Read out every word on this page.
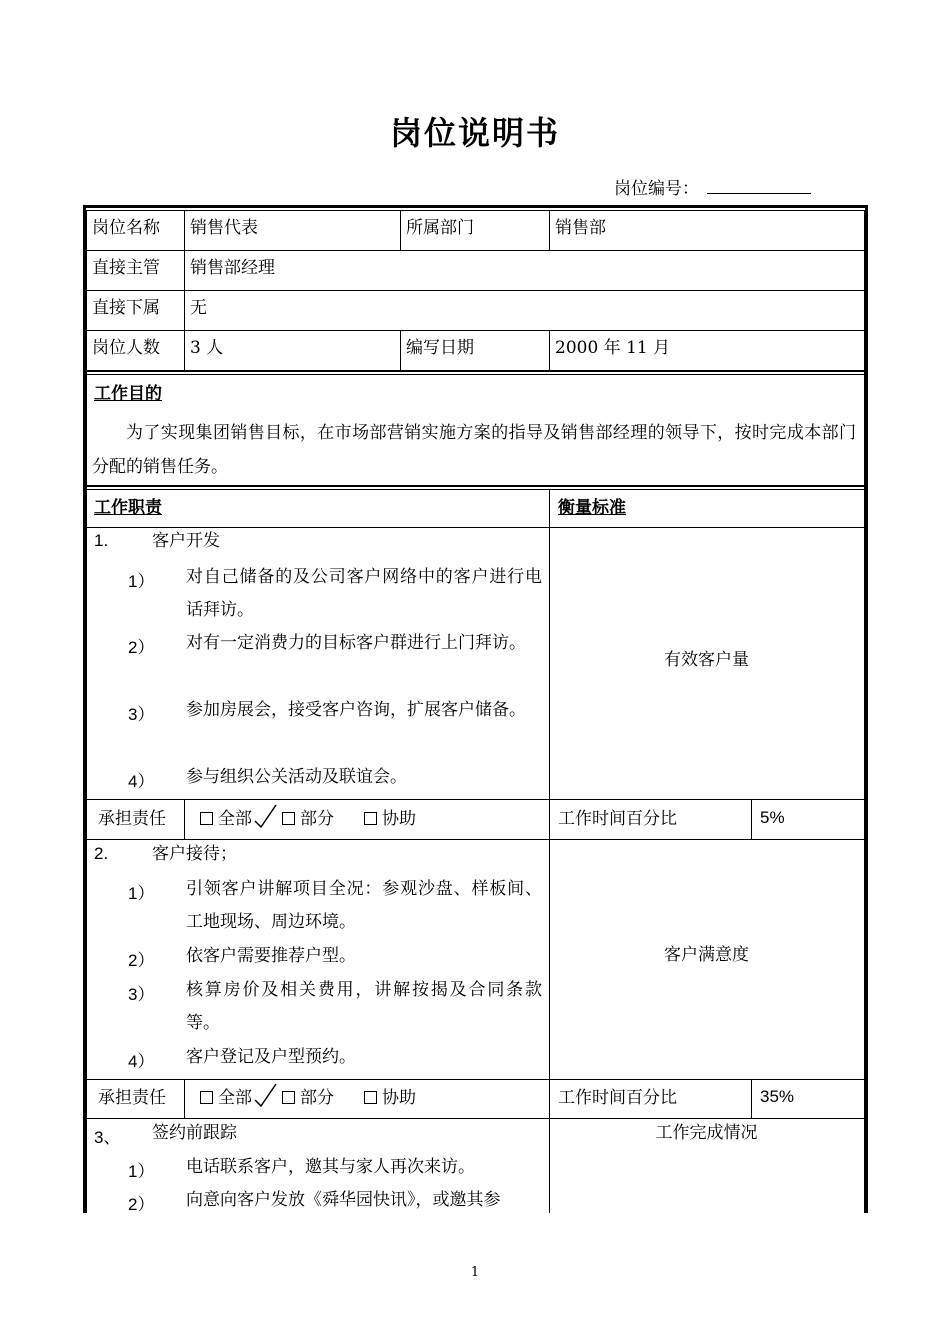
岗位说明书
岗位编号：
岗位名称 销售代表	所属部门	销售部
直接主管 销售部经理
直接下属 无
岗位人数 3 人	编写日期	2000 年 11 月
工作目的
为了实现集团销售目标，在市场部营销实施方案的指导及销售部经理的领导下，按时完成本部门分配的销售任务。
工作职责	衡量标准
1.	客户开发
1） 对自己储备的及公司客户网络中的客户进行电话拜访。
2） 对有一定消费力的目标客户群进行上门拜访。
3） 参加房展会，接受客户咨询，扩展客户储备。
4） 参与组织公关活动及联谊会。
有效客户量
承担责任	全部	部分	协助	工作时间百分比	5%
2.	客户接待；
1） 引领客户讲解项目全况：参观沙盘、样板间、工地现场、周边环境。
2） 依客户需要推荐户型。
3） 核算房价及相关费用，讲解按揭及合同条款等。
4） 客户登记及户型预约。
客户满意度
承担责任	全部	部分	协助	工作时间百分比	35%
3、 签约前跟踪	工作完成情况
1） 电话联系客户，邀其与家人再次来访。
2） 向意向客户发放《舜华园快讯》，或邀其参
1
